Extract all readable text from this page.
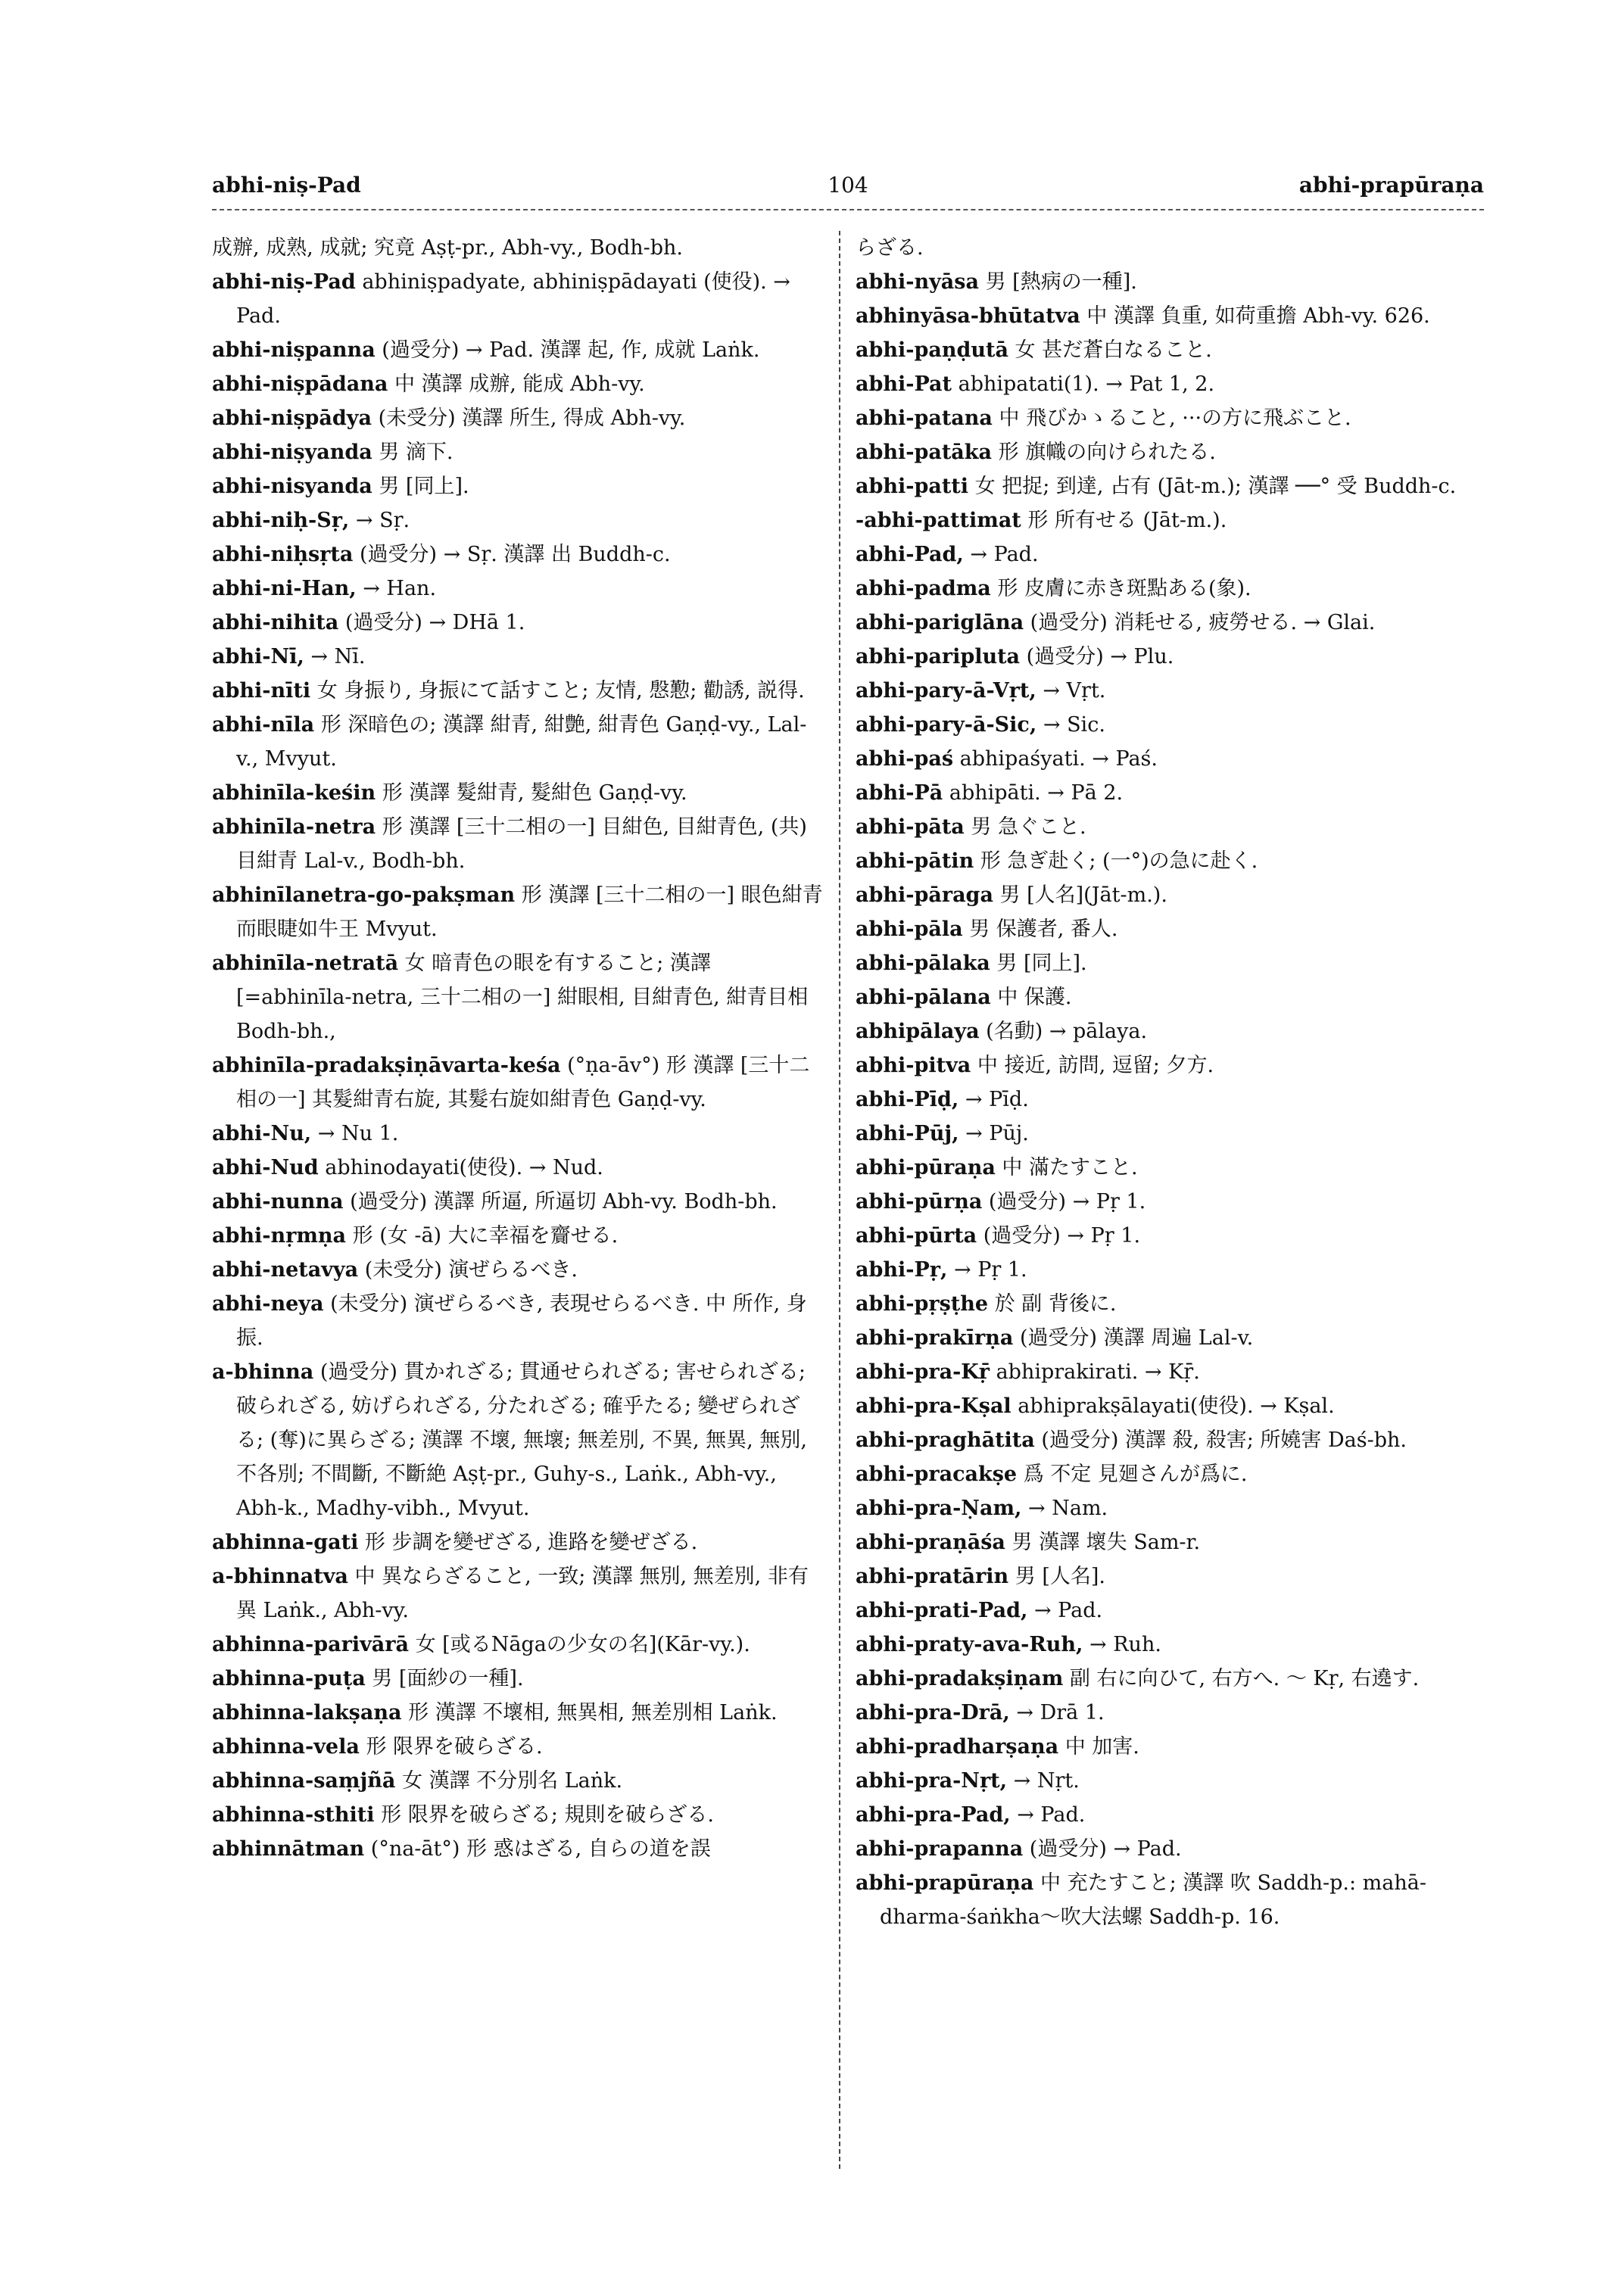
abhi-niṣ-Pad	104	abhi-prapūraṇa
成辦, 成熟, 成就; 究竟 Aṣṭ-pr., Abh-vy., Bodh-bh.
abhi-niṣ-Pad abhiniṣpadyate, abhiniṣpādayati (使役). → Pad.
abhi-niṣpanna (過受分) → Pad. 漢譯 起, 作, 成就 Laṅk.
abhi-niṣpādana 中 漢譯 成辦, 能成 Abh-vy.
abhi-niṣpādya (未受分) 漢譯 所生, 得成 Abh-vy.
abhi-niṣyanda 男 滴下.
abhi-nisyanda 男 [同上].
abhi-niḥ-Sṛ, → Sṛ.
abhi-niḥsṛta (過受分) → Sṛ. 漢譯 出 Buddh-c.
abhi-ni-Han, → Han.
abhi-nihita (過受分) → DHā 1.
abhi-Nī, → Nī.
abhi-nīti 女 身振り, 身振にて話すこと; 友情, 慇懃; 勸誘, 説得.
abhi-nīla 形 深暗色の; 漢譯 紺青, 紺艶, 紺青色 Gaṇḍ-vy., Lal-v., Mvyut.
abhinīla-keśin 形 漢譯 髮紺青, 髮紺色 Gaṇḍ-vy.
abhinīla-netra 形 漢譯 [三十二相の一] 目紺色, 目紺青色, (共)目紺青 Lal-v., Bodh-bh.
abhinīlanetra-go-pakṣman 形 漢譯 [三十二相の一] 眼色紺青而眼睫如牛王 Mvyut.
abhinīla-netratā 女 暗青色の眼を有すること; 漢譯 [=abhinīla-netra, 三十二相の一] 紺眼相, 目紺青色, 紺青目相 Bodh-bh.,
abhinīla-pradakṣiṇāvarta-keśa (°ṇa-āv°) 形 漢譯 [三十二相の一] 其髮紺青右旋, 其髮右旋如紺青色 Gaṇḍ-vy.
abhi-Nu, → Nu 1.
abhi-Nud abhinodayati(使役). → Nud.
abhi-nunna (過受分) 漢譯 所逼, 所逼切 Abh-vy. Bodh-bh.
abhi-nṛmṇa 形 (女 -ā) 大に幸福を齎せる.
abhi-netavya (未受分) 演ぜらるべき.
abhi-neya (未受分) 演ぜらるべき, 表現せらるべき. 中 所作, 身振.
a-bhinna (過受分) 貫かれざる; 貫通せられざる; 害せられざる; 破られざる, 妨げられざる, 分たれざる; 確乎たる; 變ぜられざる; (奪)に異らざる; 漢譯 不壞, 無壞; 無差別, 不異, 無異, 無別, 不各別; 不間斷, 不斷絶 Aṣṭ-pr., Guhy-s., Laṅk., Abh-vy., Abh-k., Madhy-vibh., Mvyut.
abhinna-gati 形 步調を變ぜざる, 進路を變ぜざる.
a-bhinnatva 中 異ならざること, 一致; 漢譯 無別, 無差別, 非有異 Laṅk., Abh-vy.
abhinna-parivārā 女 [或るNāgaの少女の名](Kār-vy.).
abhinna-puṭa 男 [面紗の一種].
abhinna-lakṣaṇa 形 漢譯 不壞相, 無異相, 無差別相 Laṅk.
abhinna-vela 形 限界を破らざる.
abhinna-saṃjñā 女 漢譯 不分別名 Laṅk.
abhinna-sthiti 形 限界を破らざる; 規則を破らざる.
abhinnātman (°na-āt°) 形 惑はざる, 自らの道を誤
らざる.
abhi-nyāsa 男 [熱病の一種].
abhinyāsa-bhūtatva 中 漢譯 負重, 如荷重擔 Abh-vy. 626.
abhi-paṇḍutā 女 甚だ蒼白なること.
abhi-Pat abhipatati(1). → Pat 1, 2.
abhi-patana 中 飛びかゝること, ···の方に飛ぶこと.
abhi-patāka 形 旗幟の向けられたる.
abhi-patti 女 把捉; 到達, 占有 (Jāt-m.); 漢譯 ──° 受 Buddh-c.
-abhi-pattimat 形 所有せる (Jāt-m.).
abhi-Pad, → Pad.
abhi-padma 形 皮膚に赤き斑點ある(象).
abhi-pariglāna (過受分) 消耗せる, 疲勞せる. → Glai.
abhi-paripluta (過受分) → Plu.
abhi-pary-ā-Vṛt, → Vṛt.
abhi-pary-ā-Sic, → Sic.
abhi-paś abhipaśyati. → Paś.
abhi-Pā abhipāti. → Pā 2.
abhi-pāta 男 急ぐこと.
abhi-pātin 形 急ぎ赴く; (一°)の急に赴く.
abhi-pāraga 男 [人名](Jāt-m.).
abhi-pāla 男 保護者, 番人.
abhi-pālaka 男 [同上].
abhi-pālana 中 保護.
abhipālaya (名動) → pālaya.
abhi-pitva 中 接近, 訪問, 逗留; 夕方.
abhi-Pīḍ, → Pīḍ.
abhi-Pūj, → Pūj.
abhi-pūraṇa 中 滿たすこと.
abhi-pūrṇa (過受分) → Pṛ 1.
abhi-pūrta (過受分) → Pṛ 1.
abhi-Pṛ, → Pṛ 1.
abhi-pṛṣṭhe 於 副 背後に.
abhi-prakīrṇa (過受分) 漢譯 周遍 Lal-v.
abhi-pra-Kṝ abhiprakirati. → Kṝ.
abhi-pra-Kṣal abhiprakṣālayati(使役). → Kṣal.
abhi-praghātita (過受分) 漢譯 殺, 殺害; 所嬈害 Daś-bh.
abhi-pracakṣe 爲 不定 見廻さんが爲に.
abhi-pra-Ṇam, → Nam.
abhi-praṇāśa 男 漢譯 壞失 Sam-r.
abhi-pratārin 男 [人名].
abhi-prati-Pad, → Pad.
abhi-praty-ava-Ruh, → Ruh.
abhi-pradakṣiṇam 副 右に向ひて, 右方へ. ～ Kṛ, 右遶す.
abhi-pra-Drā, → Drā 1.
abhi-pradharṣaṇa 中 加害.
abhi-pra-Nṛt, → Nṛt.
abhi-pra-Pad, → Pad.
abhi-prapanna (過受分) → Pad.
abhi-prapūraṇa 中 充たすこと; 漢譯 吹 Saddh-p.: mahā-dharma-śaṅkha～吹大法螺 Saddh-p. 16.
